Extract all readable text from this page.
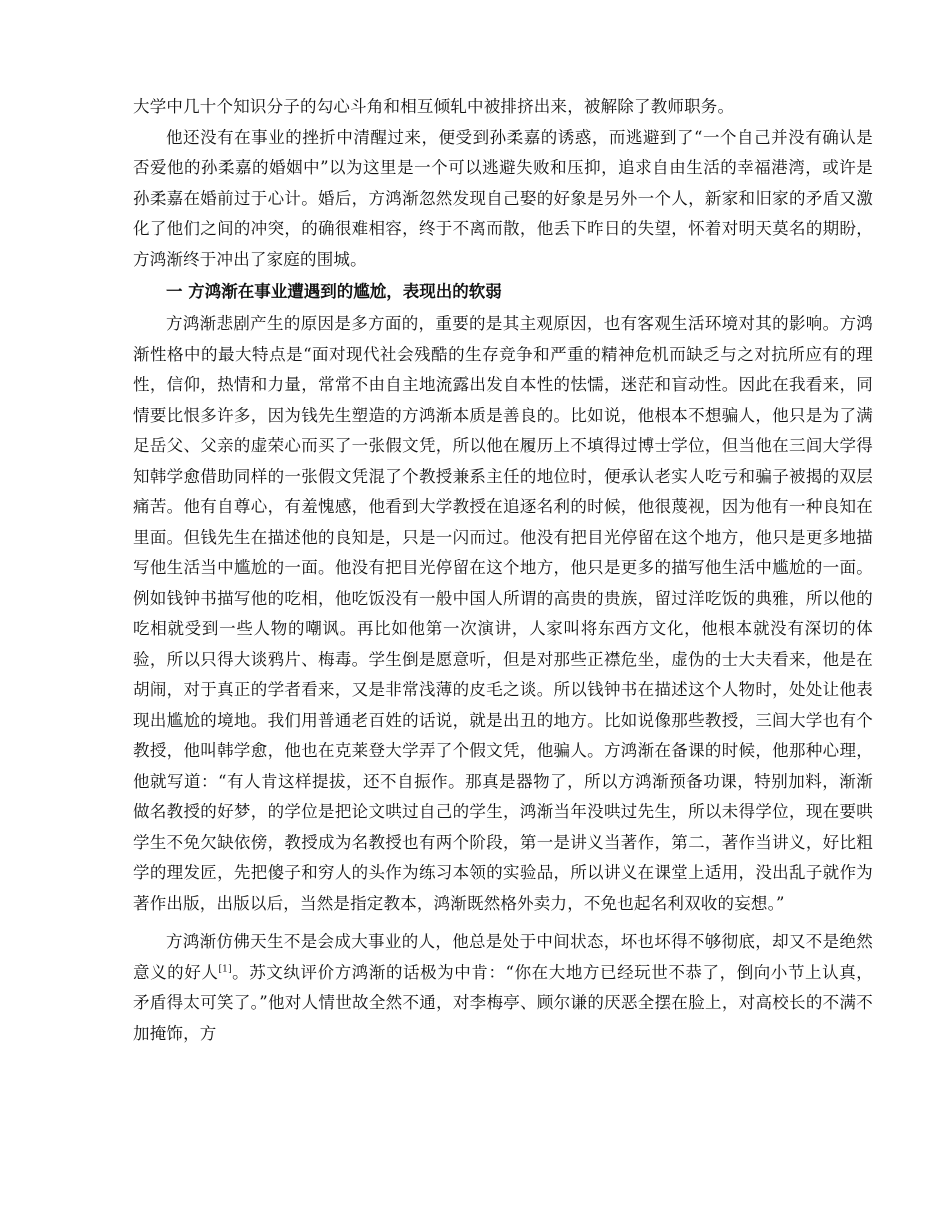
大学中几十个知识分子的勾心斗角和相互倾轧中被排挤出来，被解除了教师职务。

他还没有在事业的挫折中清醒过来，便受到孙柔嘉的诱惑，而逃避到了“一个自己并没有确认是否爱他的孙柔嘉的婚姻中”以为这里是一个可以逃避失败和压抑，追求自由生活的幸福港湾，或许是孙柔嘉在婚前过于心计。婚后，方鸿渐忽然发现自己娶的好象是另外一个人，新家和旧家的矛盾又激化了他们之间的冲突，的确很难相容，终于不离而散，他丢下昨日的失望，怀着对明天莫名的期盼，方鸿渐终于冲出了家庭的围城。

一 方鸿渐在事业遭遇到的尴尬，表现出的软弱

方鸿渐悲剧产生的原因是多方面的，重要的是其主观原因，也有客观生活环境对其的影响。方鸿渐性格中的最大特点是“面对现代社会残酷的生存竞争和严重的精神危机而缺乏与之对抗所应有的理性，信仰，热情和力量，常常不由自主地流露出发自本性的怯懦，迷茫和盲动性。因此在我看来，同情要比恨多许多，因为钱先生塑造的方鸿渐本质是善良的。比如说，他根本不想骗人，他只是为了满足岳父、父亲的虚荣心而买了一张假文凭，所以他在履历上不填得过博士学位，但当他在三闾大学得知韩学愈借助同样的一张假文凭混了个教授兼系主任的地位时，便承认老实人吃亏和骗子被揭的双层痛苦。他有自尊心，有羞愧感，他看到大学教授在追逐名利的时候，他很蔑视，因为他有一种良知在里面。但钱先生在描述他的良知是，只是一闪而过。他没有把目光停留在这个地方，他只是更多地描写他生活当中尴尬的一面。他没有把目光停留在这个地方，他只是更多的描写他生活中尴尬的一面。例如钱钟书描写他的吃相，他吃饭没有一般中国人所谓的高贵的贵族，留过洋吃饭的典雅，所以他的吃相就受到一些人物的嘲讽。再比如他第一次演讲，人家叫将东西方文化，他根本就没有深切的体验，所以只得大谈鸦片、梅毒。学生倒是愿意听，但是对那些正襟危坐，虚伪的士大夫看来，他是在胡闹，对于真正的学者看来，又是非常浅薄的皮毛之谈。所以钱钟书在描述这个人物时，处处让他表现出尴尬的境地。我们用普通老百姓的话说，就是出丑的地方。比如说像那些教授，三闾大学也有个教授，他叫韩学愈，他也在克莱登大学弄了个假文凭，他骗人。方鸿渐在备课的时候，他那种心理，他就写道：“有人肯这样提拔，还不自振作。那真是器物了，所以方鸿渐预备功课，特别加料，渐渐做名教授的好梦，的学位是把论文哄过自己的学生，鸿渐当年没哄过先生，所以未得学位，现在要哄学生不免欠缺依傍，教授成为名教授也有两个阶段，第一是讲义当著作，第二，著作当讲义，好比粗学的理发匠，先把傻子和穷人的头作为练习本领的实验品，所以讲义在课堂上适用，没出乱子就作为著作出版，出版以后，当然是指定教本，鸿渐既然格外卖力，不免也起名利双收的妄想。”

方鸿渐仿佛天生不是会成大事业的人，他总是处于中间状态，坏也坏得不够彻底，却又不是绝然意义的好人[1]。苏文纨评价方鸿渐的话极为中肯：“你在大地方已经玩世不恭了，倒向小节上认真，矛盾得太可笑了。”他对人情世故全然不通，对李梅亭、顾尔谦的厌恶全摆在脸上，对高校长的不满不加掩饰，方
